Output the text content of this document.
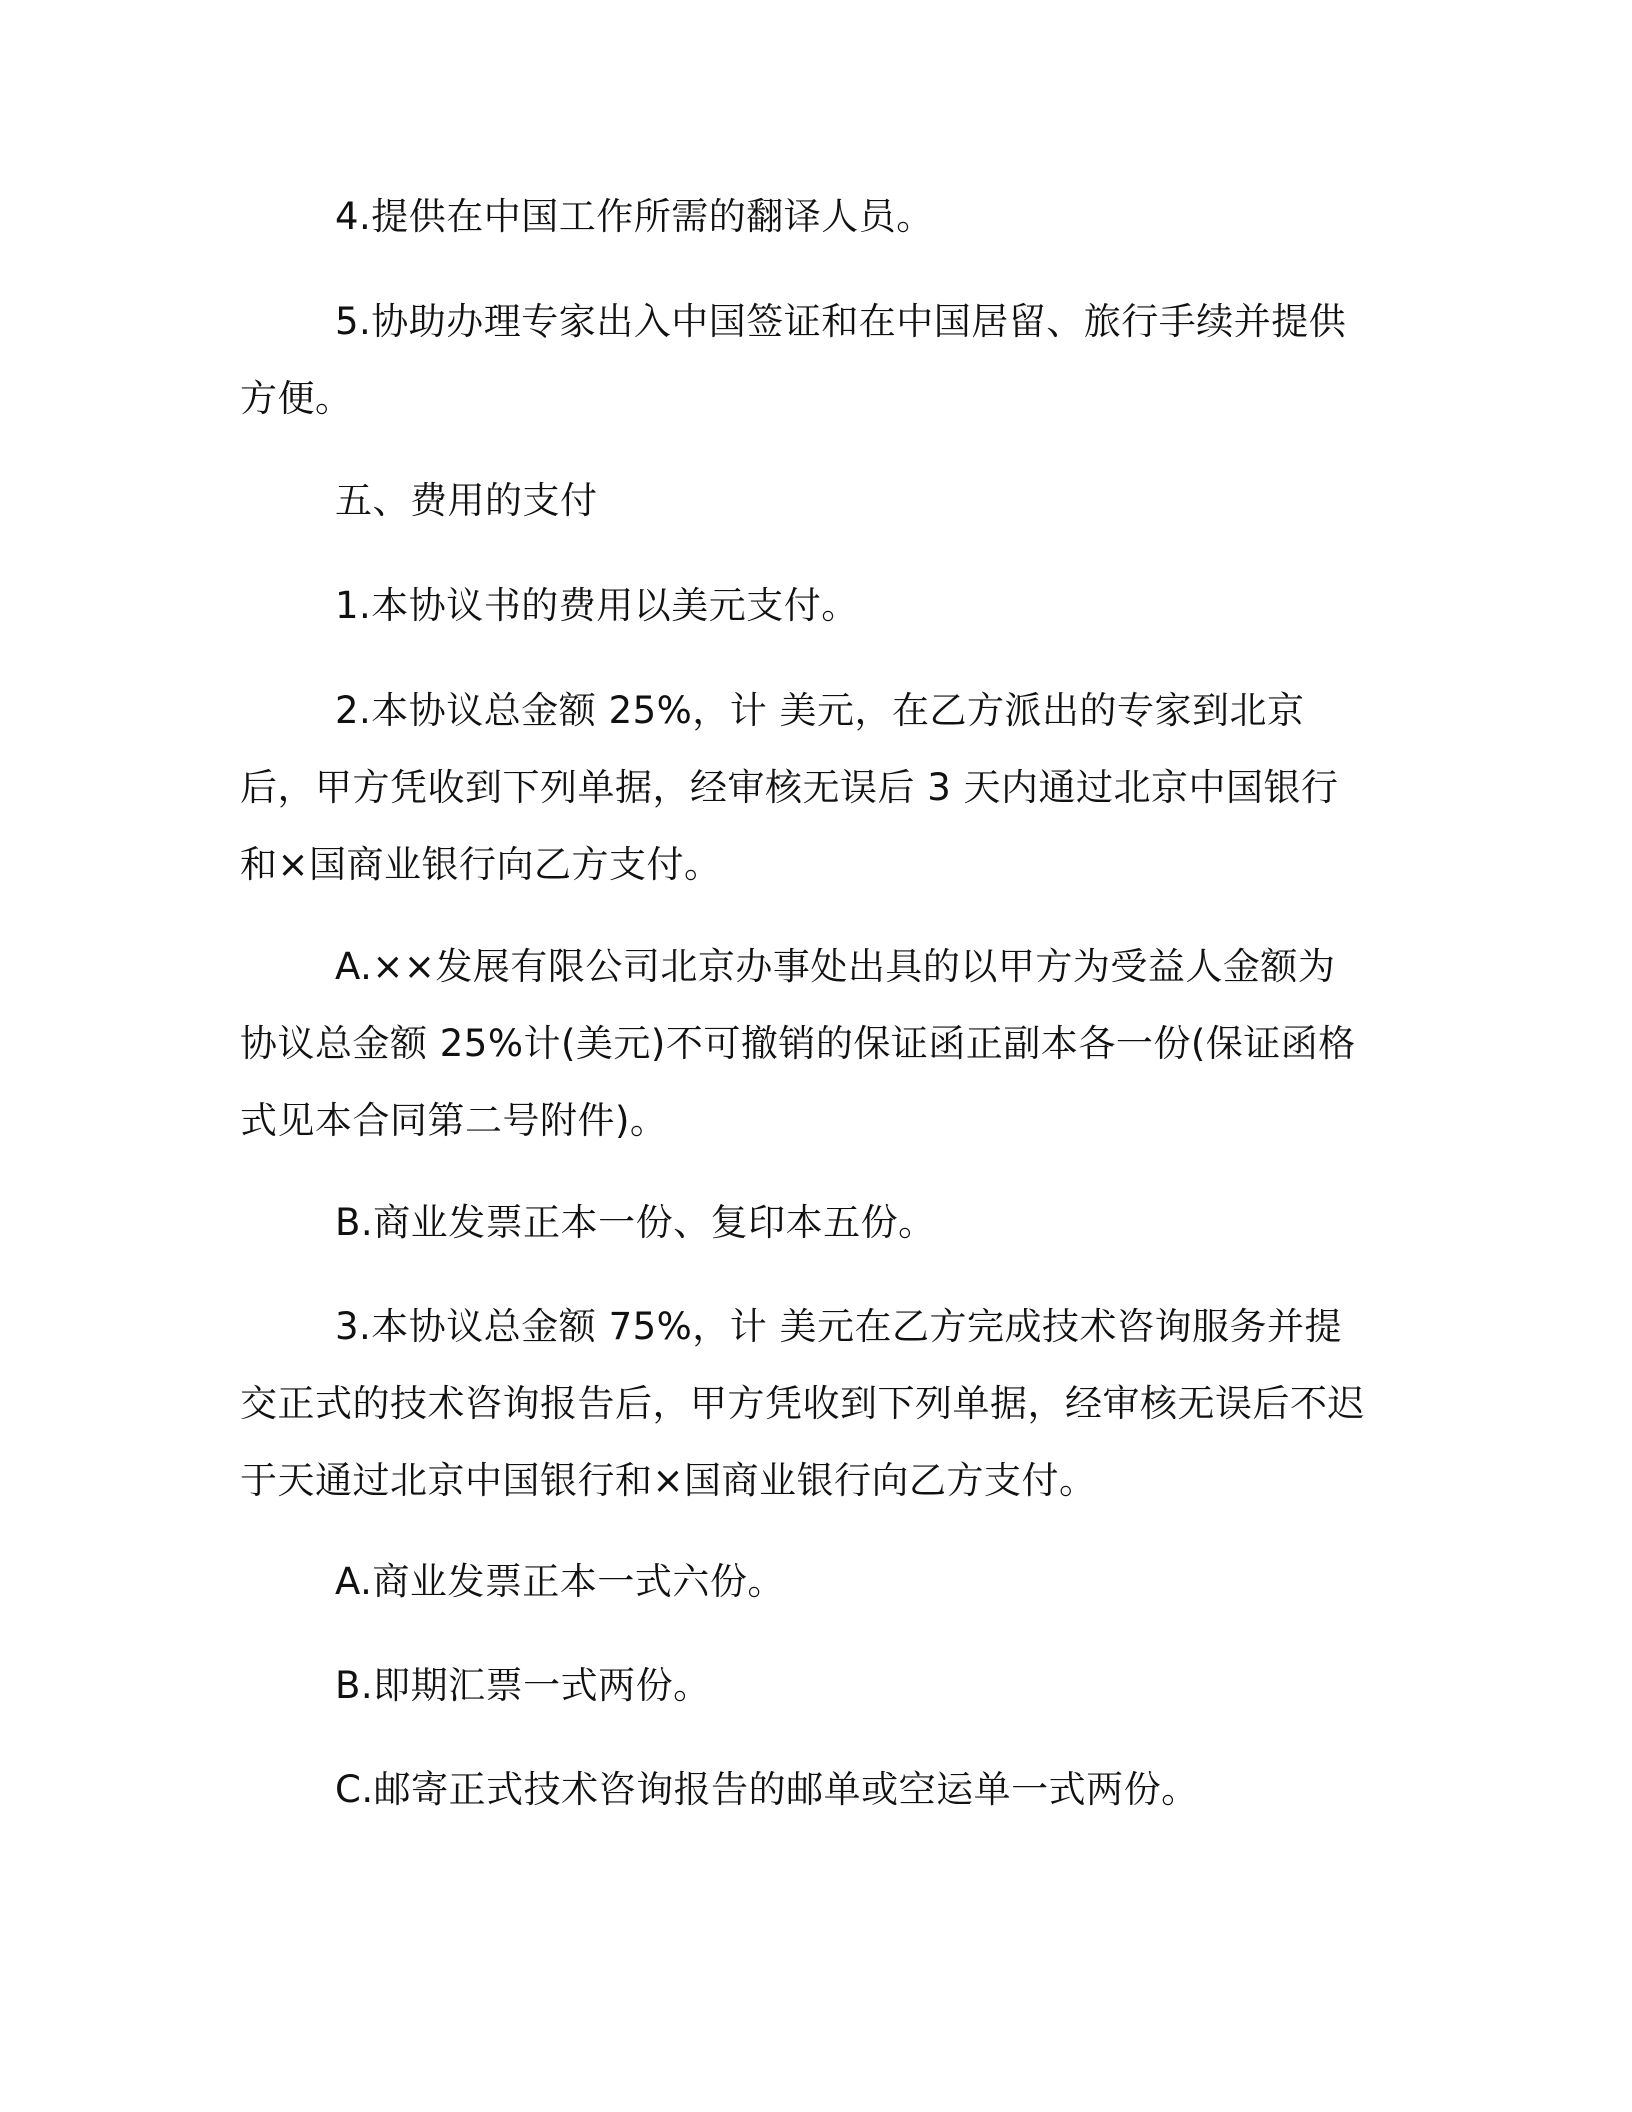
4.提供在中国工作所需的翻译人员。

5.协助办理专家出入中国签证和在中国居留、旅行手续并提供方便。

五、费用的支付

1.本协议书的费用以美元支付。

2.本协议总金额 25%，计 美元，在乙方派出的专家到北京后，甲方凭收到下列单据，经审核无误后 3 天内通过北京中国银行和×国商业银行向乙方支付。

A.××发展有限公司北京办事处出具的以甲方为受益人金额为协议总金额 25%计(美元)不可撤销的保证函正副本各一份(保证函格式见本合同第二号附件)。

B.商业发票正本一份、复印本五份。

3.本协议总金额 75%，计 美元在乙方完成技术咨询服务并提交正式的技术咨询报告后，甲方凭收到下列单据，经审核无误后不迟于天通过北京中国银行和×国商业银行向乙方支付。

A.商业发票正本一式六份。

B.即期汇票一式两份。

C.邮寄正式技术咨询报告的邮单或空运单一式两份。
